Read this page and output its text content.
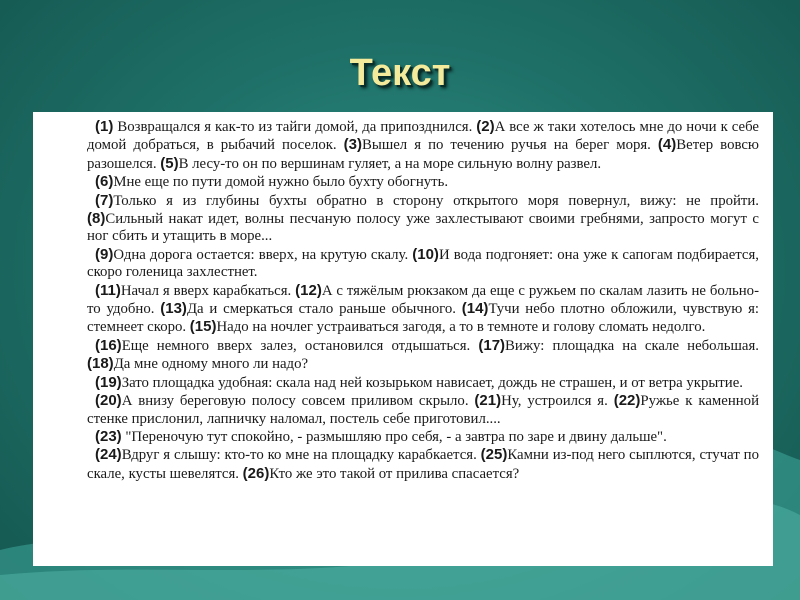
Текст

(1) Возвращался я как-то из тайги домой, да припозднился. (2)А все ж таки хотелось мне до ночи к себе домой добраться, в рыбачий поселок. (3)Вышел я по течению ручья на берег моря. (4)Ветер вовсю разошелся. (5)В лесу-то он по вершинам гуляет, а на море сильную волну развел.

(6)Мне еще по пути домой нужно было бухту обогнуть.

(7)Только я из глубины бухты обратно в сторону открытого моря повернул, вижу: не пройти. (8)Сильный накат идет, волны песчаную полосу уже захлестывают своими гребнями, запросто могут с ног сбить и утащить в море...

(9)Одна дорога остается: вверх, на крутую скалу. (10)И вода подгоняет: она уже к сапогам подбирается, скоро голеница захлестнет.

(11)Начал я вверх карабкаться. (12)А с тяжёлым рюкзаком да еще с ружьем по скалам лазить не больно-то удобно. (13)Да и смеркаться стало раньше обычного. (14)Тучи небо плотно обложили, чувствую я: стемнеет скоро. (15)Надо на ночлег устраиваться загодя, а то в темноте и голову сломать недолго.

(16)Еще немного вверх залез, остановился отдышаться. (17)Вижу: площадка на скале небольшая. (18)Да мне одному много ли надо?

(19)Зато площадка удобная: скала над ней козырьком нависает, дождь не страшен, и от ветра укрытие.

(20)А внизу береговую полосу совсем приливом скрыло. (21)Ну, устроился я. (22)Ружье к каменной стенке прислонил, лапничку наломал, постель себе приготовил....

(23) "Переночую тут спокойно, - размышляю про себя, - а завтра по заре и двину дальше".

(24)Вдруг я слышу: кто-то ко мне на площадку карабкается. (25)Камни из-под него сыплются, стучат по скале, кусты шевелятся. (26)Кто же это такой от прилива спасается?
